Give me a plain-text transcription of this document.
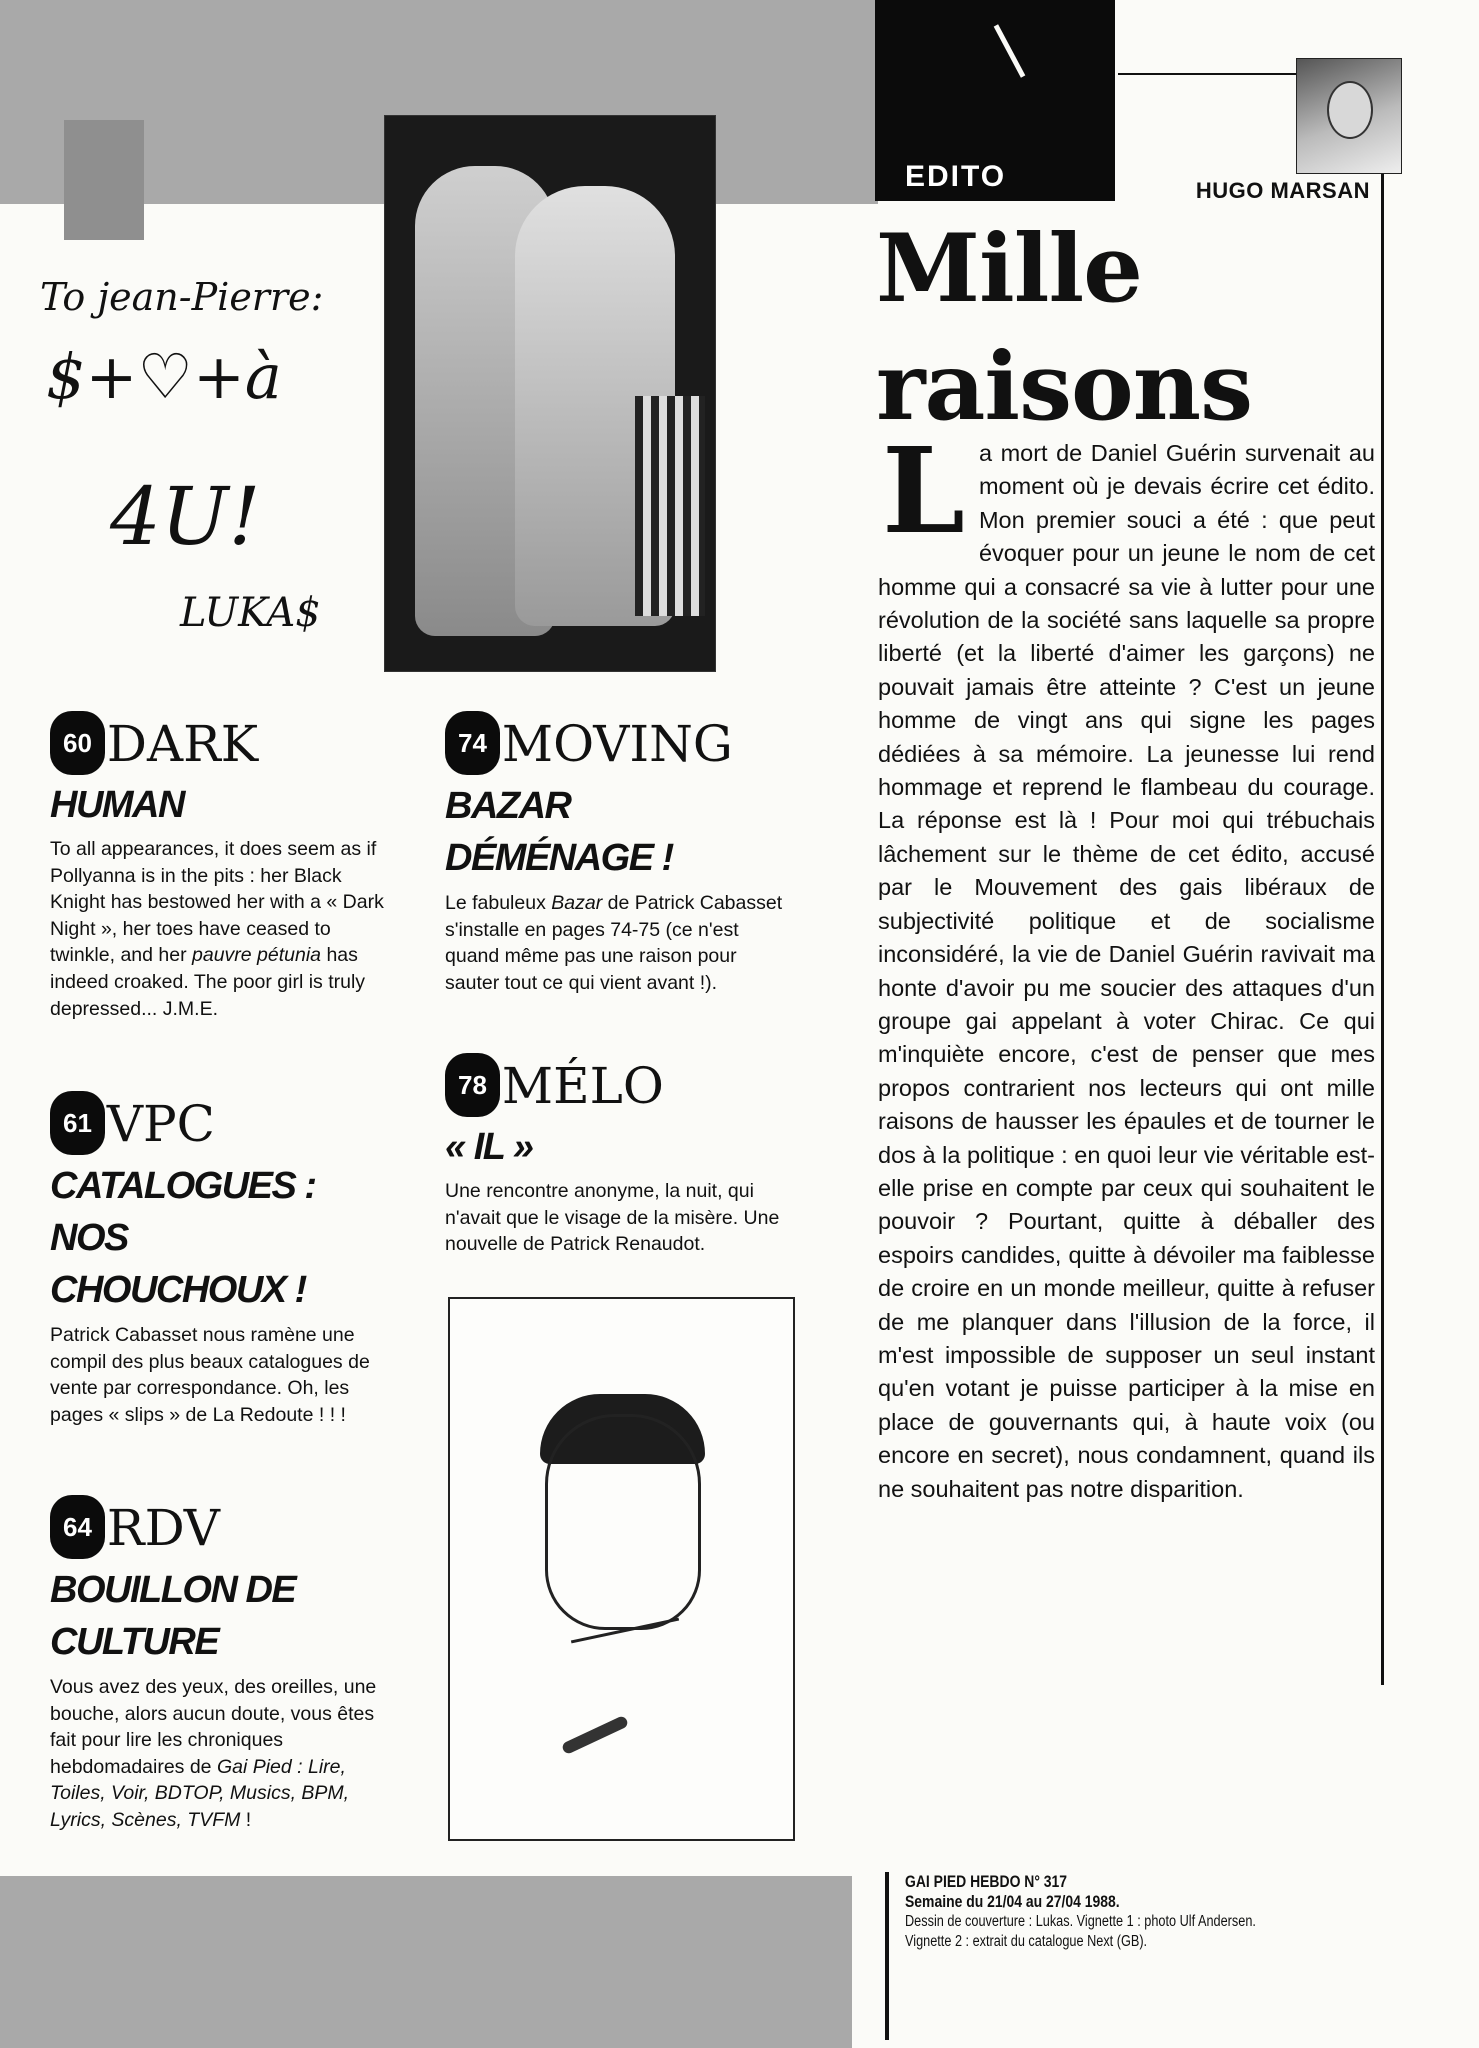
EDITO	HUGO MARSAN
Mille
raisons

La mort de Daniel Guérin survenait au moment où je devais écrire cet édito. Mon premier souci a été : que peut évoquer pour un jeune le nom de cet homme qui a consacré sa vie à lutter pour une révolution de la société sans laquelle sa propre liberté (et la liberté d'aimer les garçons) ne pouvait jamais être atteinte ? C'est un jeune homme de vingt ans qui signe les pages dédiées à sa mémoire. La jeunesse lui rend hommage et reprend le flambeau du courage. La réponse est là ! Pour moi qui trébuchais lâchement sur le thème de cet édito, accusé par le Mouvement des gais libéraux de subjectivité politique et de socialisme inconsidéré, la vie de Daniel Guérin ravivait ma honte d'avoir pu me soucier des attaques d'un groupe gai appelant à voter Chirac. Ce qui m'inquiète encore, c'est de penser que mes propos contrarient nos lecteurs qui ont mille raisons de hausser les épaules et de tourner le dos à la politique : en quoi leur vie véritable est-elle prise en compte par ceux qui souhaitent le pouvoir ? Pourtant, quitte à déballer des espoirs candides, quitte à dévoiler ma faiblesse de croire en un monde meilleur, quitte à refuser de me planquer dans l'illusion de la force, il m'est impossible de supposer un seul instant qu'en votant je puisse participer à la mise en place de gouvernants qui, à haute voix (ou encore en secret), nous condamnent, quand ils ne souhaitent pas notre disparition.

To jean-Pierre:
$+♡+à
4U!
LUKA$
60 DARK
HUMAN
To all appearances, it does seem as if Pollyanna is in the pits : her Black Knight has bestowed her with a « Dark Night », her toes have ceased to twinkle, and her pauvre pétunia has indeed croaked. The poor girl is truly depressed... J.M.E.
61 VPC
CATALOGUES : NOS CHOUCHOUX !
Patrick Cabasset nous ramène une compil des plus beaux catalogues de vente par correspondance. Oh, les pages « slips » de La Redoute ! ! !
64 RDV
BOUILLON DE CULTURE
Vous avez des yeux, des oreilles, une bouche, alors aucun doute, vous êtes fait pour lire les chroniques hebdomadaires de Gai Pied : Lire, Toiles, Voir, BDTOP, Musics, BPM, Lyrics, Scènes, TVFM !
74 MOVING
BAZAR DÉMÉNAGE !
Le fabuleux Bazar de Patrick Cabasset s'installe en pages 74-75 (ce n'est quand même pas une raison pour sauter tout ce qui vient avant !).
78 MÉLO
« IL »
Une rencontre anonyme, la nuit, qui n'avait que le visage de la misère. Une nouvelle de Patrick Renaudot.
GAI PIED HEBDO N° 317
Semaine du 21/04 au 27/04 1988.
Dessin de couverture : Lukas. Vignette 1 : photo Ulf Andersen.
Vignette 2 : extrait du catalogue Next (GB).
